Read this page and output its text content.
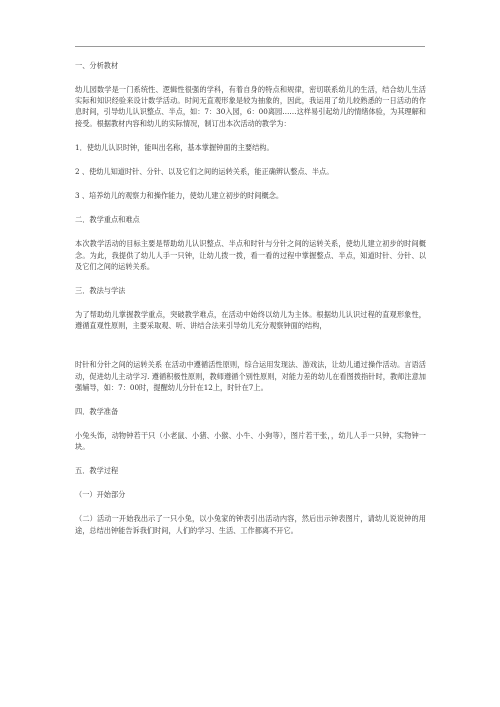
一、分析教材

幼儿园数学是一门系统性、逻辑性很强的学科，有着自身的特点和规律，密切联系幼儿的生活，结合幼儿生活实际和知识经验来设计数学活动。时间无直观形象是较为抽象的，因此，我运用了幼儿较熟悉的一日活动的作息时间，引导幼儿认识整点、半点，如：7：30入园，6：00离园……这样易引起幼儿的情绪体验，为其理解和接受。根据教材内容和幼儿的实际情况，制订出本次活动的教学为：

1．使幼儿认识时钟，能叫出名称，基本掌握钟面的主要结构。

2 、使幼儿知道时针、分针、以及它们之间的运转关系，能正确辨认整点、半点。

3 、培养幼儿的观察力和操作能力，使幼儿建立初步的时间概念。

二．教学重点和难点

本次教学活动的目标主要是帮助幼儿认识整点、半点和时针与分针之间的运转关系，使幼儿建立初步的时间概念。为此，我提供了幼儿人手一只钟，让幼儿拨一拨，看一看的过程中掌握整点、半点，知道时针、分针、以及它们之间的运转关系。

三．教法与学法

为了帮助幼儿掌握教学重点，突破教学难点，在活动中始终以幼儿为主体。根据幼儿认识过程的直观形象性，遵循直观性原则，主要采取观、听、讲结合法来引导幼儿充分观察钟面的结构，

时针和分针之间的运转关系 在活动中遵循活性原则，综合运用发现法、游戏法，让幼儿通过操作活动。言语活动，促进幼儿主动学习. 遵循积极性原则，教师遵循个别性原则，对能力差的幼儿在看图拨指针时，教师注意加强辅导，如：7：00时，提醒幼儿分针在12上，时针在7上。

四．教学准备

小兔头饰，动物钟若干只（小老鼠、小猪、小猴、小牛、小狗等），图片若干张，，幼儿人手一只钟，实物钟一块。

五．教学过程

（一）开始部分

（二）活动一开始我出示了一只小兔，以小兔家的钟表引出活动内容，然后出示钟表图片，请幼儿说说钟的用途，总结出钟能告诉我们时间，人们的学习、生活、工作都离不开它。
